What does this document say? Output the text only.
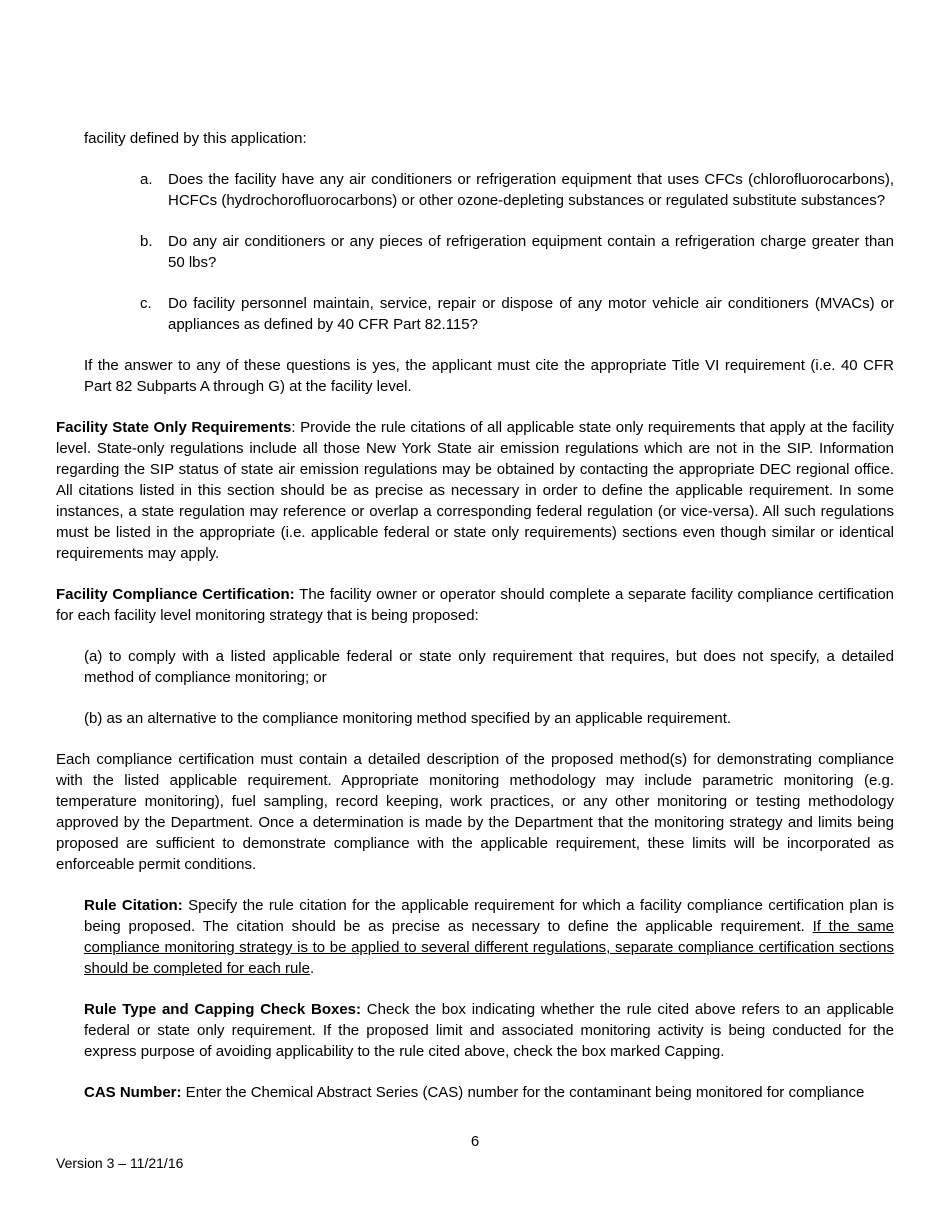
facility defined by this application:

a. Does the facility have any air conditioners or refrigeration equipment that uses CFCs (chlorofluorocarbons), HCFCs (hydrochorofluorocarbons) or other ozone-depleting substances or regulated substitute substances?
b. Do any air conditioners or any pieces of refrigeration equipment contain a refrigeration charge greater than 50 lbs?
c. Do facility personnel maintain, service, repair or dispose of any motor vehicle air conditioners (MVACs) or appliances as defined by 40 CFR Part 82.115?

If the answer to any of these questions is yes, the applicant must cite the appropriate Title VI requirement (i.e. 40 CFR Part 82 Subparts A through G) at the facility level.

Facility State Only Requirements: Provide the rule citations of all applicable state only requirements that apply at the facility level. State-only regulations include all those New York State air emission regulations which are not in the SIP. Information regarding the SIP status of state air emission regulations may be obtained by contacting the appropriate DEC regional office. All citations listed in this section should be as precise as necessary in order to define the applicable requirement. In some instances, a state regulation may reference or overlap a corresponding federal regulation (or vice-versa). All such regulations must be listed in the appropriate (i.e. applicable federal or state only requirements) sections even though similar or identical requirements may apply.

Facility Compliance Certification: The facility owner or operator should complete a separate facility compliance certification for each facility level monitoring strategy that is being proposed:

(a) to comply with a listed applicable federal or state only requirement that requires, but does not specify, a detailed method of compliance monitoring; or

(b) as an alternative to the compliance monitoring method specified by an applicable requirement.

Each compliance certification must contain a detailed description of the proposed method(s) for demonstrating compliance with the listed applicable requirement. Appropriate monitoring methodology may include parametric monitoring (e.g. temperature monitoring), fuel sampling, record keeping, work practices, or any other monitoring or testing methodology approved by the Department. Once a determination is made by the Department that the monitoring strategy and limits being proposed are sufficient to demonstrate compliance with the applicable requirement, these limits will be incorporated as enforceable permit conditions.

Rule Citation: Specify the rule citation for the applicable requirement for which a facility compliance certification plan is being proposed. The citation should be as precise as necessary to define the applicable requirement. If the same compliance monitoring strategy is to be applied to several different regulations, separate compliance certification sections should be completed for each rule.

Rule Type and Capping Check Boxes: Check the box indicating whether the rule cited above refers to an applicable federal or state only requirement. If the proposed limit and associated monitoring activity is being conducted for the express purpose of avoiding applicability to the rule cited above, check the box marked Capping.

CAS Number: Enter the Chemical Abstract Series (CAS) number for the contaminant being monitored for compliance

6
Version 3 – 11/21/16
